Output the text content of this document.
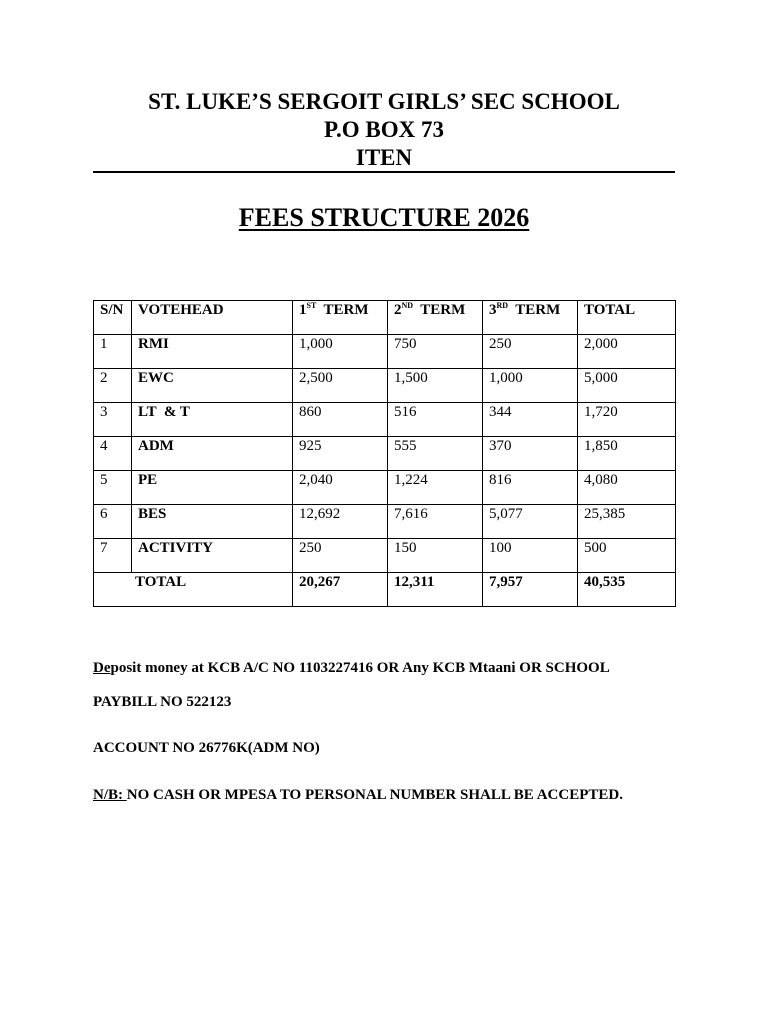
ST. LUKE’S SERGOIT GIRLS’ SEC SCHOOL
P.O BOX 73
ITEN
FEES STRUCTURE 2026
S/N	VOTEHEAD	1ST TERM	2ND TERM	3RD TERM	TOTAL
1	RMI	1,000	750	250	2,000
2	EWC	2,500	1,500	1,000	5,000
3	LT  & T	860	516	344	1,720
4	ADM	925	555	370	1,850
5	PE	2,040	1,224	816	4,080
6	BES	12,692	7,616	5,077	25,385
7	ACTIVITY	250	150	100	500
TOTAL		20,267	12,311	7,957	40,535

Deposit money at KCB A/C NO 1103227416 OR Any KCB Mtaani OR SCHOOL

PAYBILL NO 522123

ACCOUNT NO 26776K(ADM NO)

N/B: NO CASH OR MPESA TO PERSONAL NUMBER SHALL BE ACCEPTED.
